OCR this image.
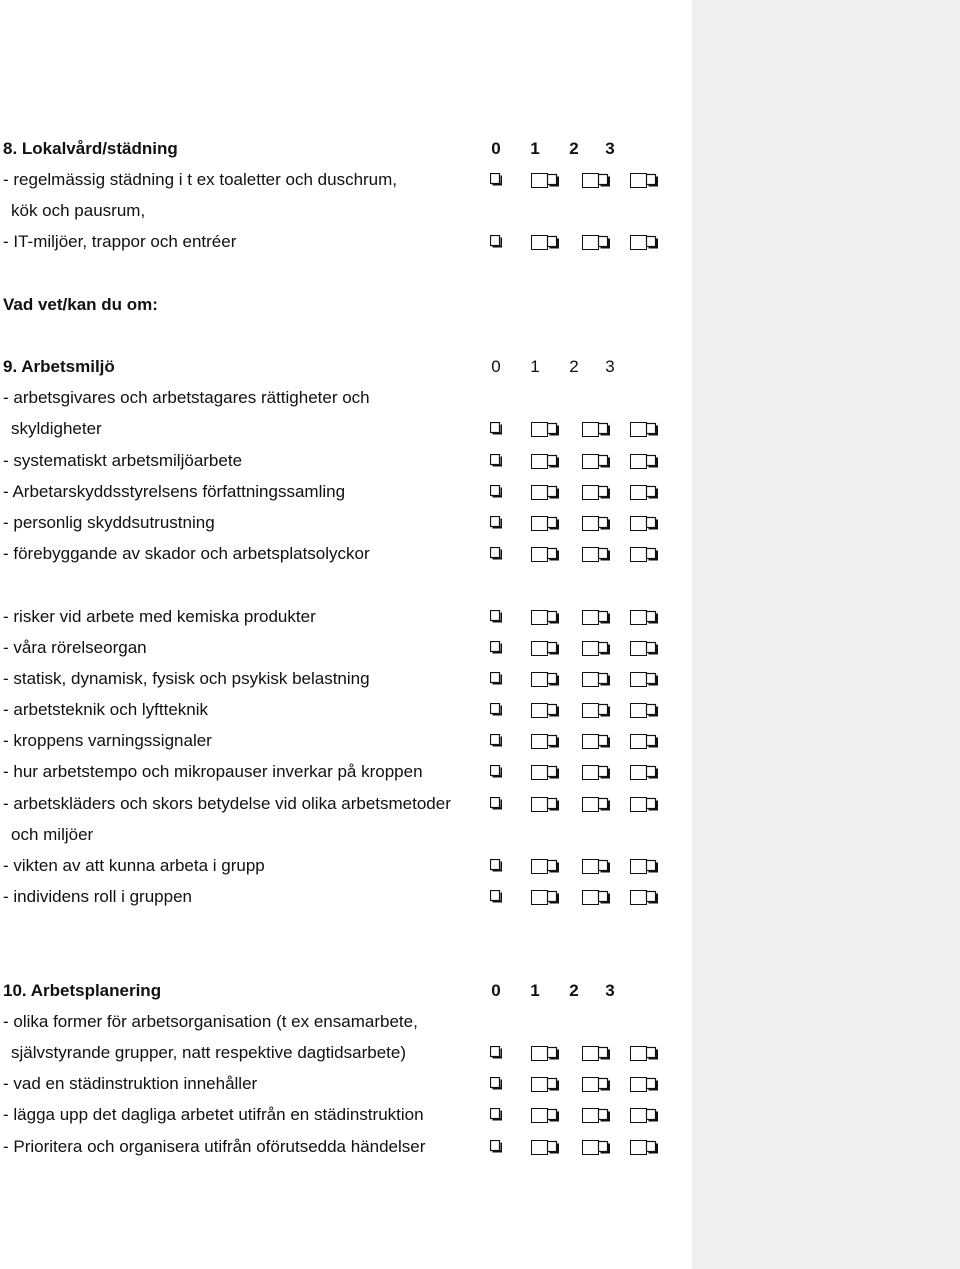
8. Lokalvård/städning	0	1	2	3
- regelmässig städning i t ex toaletter och duschrum,
kök och pausrum,
- IT-miljöer, trappor och entréer
Vad vet/kan du om:
9. Arbetsmiljö	0	1	2	3
- arbetsgivares och arbetstagares rättigheter och
skyldigheter
- systematiskt arbetsmiljöarbete
- Arbetarskyddsstyrelsens författningssamling
- personlig skyddsutrustning
- förebyggande av skador och arbetsplatsolyckor
- risker vid arbete med kemiska produkter
- våra rörelseorgan
- statisk, dynamisk, fysisk och psykisk belastning
- arbetsteknik och lyftteknik
- kroppens varningssignaler
- hur arbetstempo och mikropauser inverkar på kroppen
- arbetskläders och skors betydelse vid olika arbetsmetoder
och miljöer
- vikten av att kunna arbeta i grupp
- individens roll i gruppen
10. Arbetsplanering	0	1	2	3
- olika former för arbetsorganisation (t ex ensamarbete,
självstyrande grupper, natt respektive dagtidsarbete)
- vad en städinstruktion innehåller
- lägga upp det dagliga arbetet utifrån en städinstruktion
- Prioritera och organisera utifrån oförutsedda händelser
